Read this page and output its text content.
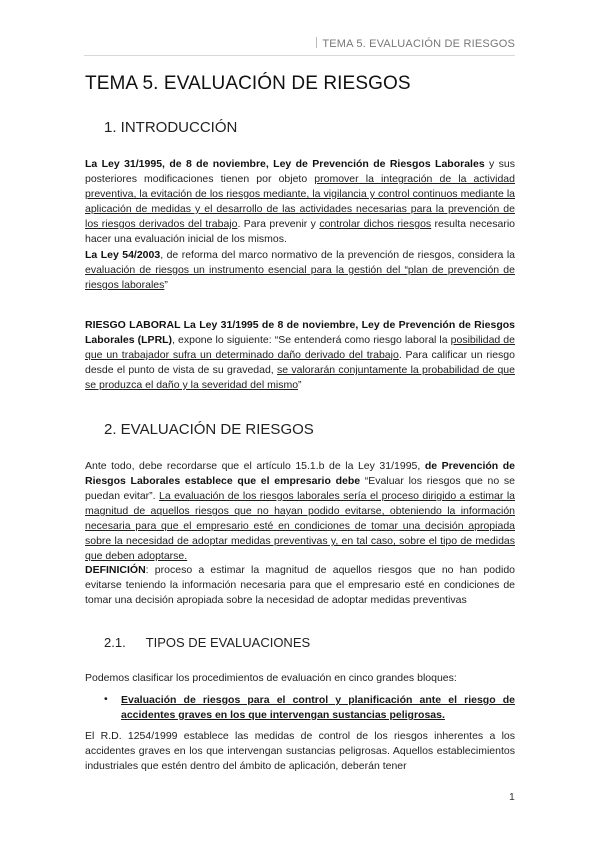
TEMA 5. EVALUACIÓN DE RIESGOS
TEMA 5. EVALUACIÓN DE RIESGOS
1. INTRODUCCIÓN
La Ley 31/1995, de 8 de noviembre, Ley de Prevención de Riesgos Laborales y sus posteriores modificaciones tienen por objeto promover la integración de la actividad preventiva, la evitación de los riesgos mediante, la vigilancia y control continuos mediante la aplicación de medidas y el desarrollo de las actividades necesarias para la prevención de los riesgos derivados del trabajo. Para prevenir y controlar dichos riesgos resulta necesario hacer una evaluación inicial de los mismos.
La Ley 54/2003, de reforma del marco normativo de la prevención de riesgos, considera la evaluación de riesgos un instrumento esencial para la gestión del “plan de prevención de riesgos laborales”
RIESGO LABORAL La Ley 31/1995 de 8 de noviembre, Ley de Prevención de Riesgos Laborales (LPRL), expone lo siguiente: “Se entenderá como riesgo laboral la posibilidad de que un trabajador sufra un determinado daño derivado del trabajo. Para calificar un riesgo desde el punto de vista de su gravedad, se valorarán conjuntamente la probabilidad de que se produzca el daño y la severidad del mismo”
2. EVALUACIÓN DE RIESGOS
Ante todo, debe recordarse que el artículo 15.1.b de la Ley 31/1995, de Prevención de Riesgos Laborales establece que el empresario debe “Evaluar los riesgos que no se puedan evitar”. La evaluación de los riesgos laborales sería el proceso dirigido a estimar la magnitud de aquellos riesgos que no hayan podido evitarse, obteniendo la información necesaria para que el empresario esté en condiciones de tomar una decisión apropiada sobre la necesidad de adoptar medidas preventivas y, en tal caso, sobre el tipo de medidas que deben adoptarse.
DEFINICIÓN: proceso a estimar la magnitud de aquellos riesgos que no han podido evitarse teniendo la información necesaria para que el empresario esté en condiciones de tomar una decisión apropiada sobre la necesidad de adoptar medidas preventivas
2.1. TIPOS DE EVALUACIONES
Podemos clasificar los procedimientos de evaluación en cinco grandes bloques:
• Evaluación de riesgos para el control y planificación ante el riesgo de accidentes graves en los que intervengan sustancias peligrosas.
El R.D. 1254/1999 establece las medidas de control de los riesgos inherentes a los accidentes graves en los que intervengan sustancias peligrosas. Aquellos establecimientos industriales que estén dentro del ámbito de aplicación, deberán tener
1
